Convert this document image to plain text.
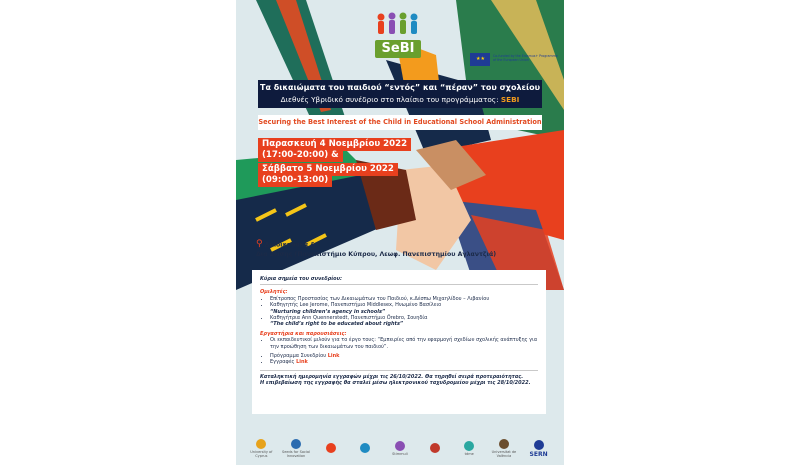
SeBI
★★	Co-funded by the Erasmus+ Programme of the European Union
Τα δικαιώματα του παιδιού “εντός” και “πέραν” του σχολείου
Διεθνές Υβριδικό συνέδριο στο πλαίσιο του προγράμματος: SEBI
Securing the Best Interest of the Child in Educational School Administration
Παρασκευή 4 Νοεμβρίου 2022
(17:00-20:00) &
Σάββατο 5 Νοεμβρίου 2022
(09:00-13:00)
⚲ Διαδικτυακά &
Δια Ζώσης (Πανεπιστήμιο Κύπρου, Λεωφ. Πανεπιστημίου Αγλαντζιά)
Κύρια σημεία του συνεδρίου:
Ομιλητές:
• Επίτροπος Προστασίας των Δικαιωμάτων του Παιδιού, κ.Δέσπω Μιχαηλίδου – Λιβανίου
• Καθηγητής Lee Jerome, Πανεπιστήμιο Middlesex, Ηνωμένο Βασίλειο
“Nurturing children’s agency in schools”
• Καθηγήτρια Ann Quennerstedt, Πανεπιστήμιο Örebro, Σουηδία
“The child’s right to be educated about rights”
Εργαστήρια και παρουσιάσεις:
• Οι εκπαιδευτικοί μιλούν για το έργο τους: “Εμπειρίες από την εφαρμογή σχεδίων σχολικής ανάπτυξης για την προώθηση των δικαιωμάτων του παιδιού”.
• Πρόγραμμα Συνεδρίου Link
• Εγγραφές Link
Καταληκτική ημερομηνία εγγραφών μέχρι τις 26/10/2022. Θα τηρηθεί σειρά προτεραιότητας.
Η επιβεβαίωση της εγγραφής θα σταλεί μέσω ηλεκτρονικού ταχυδρομείου μέχρι τις 28/10/2022.
University of Cyprus
Seeds for Social Innovation	Stimmuli	tdme	Universitat de València	SERN
